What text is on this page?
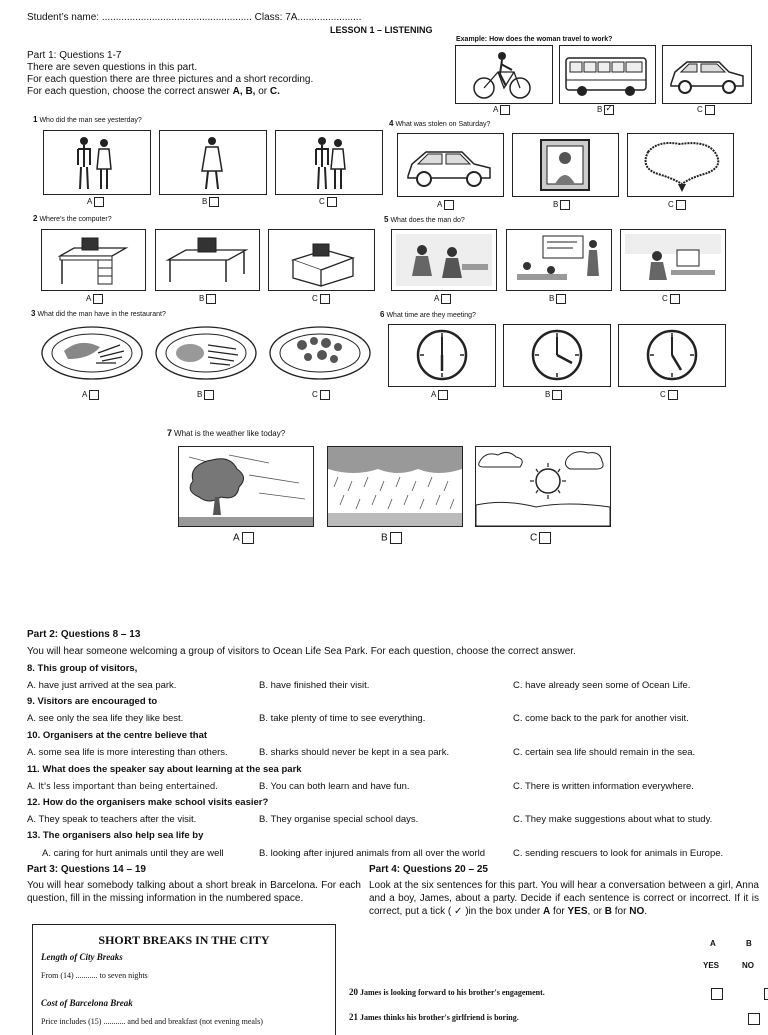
Student’s name: ...................................................... Class: 7A.......................
LESSON 1 – LISTENING
Part 1: Questions 1-7
There are seven questions in this part.
For each question there are three pictures and a short recording.
For each question, choose the correct answer A, B, or C.
Example: How does the woman travel to work?
A	B✓	C
1 Who did the man see yesterday?
A	B	C
4 What was stolen on Saturday?
A	B	C
2 Where's the computer?
A	B	C
5 What does the man do?
A	B	C
3 What did the man have in the restaurant?
A	B	C
6 What time are they meeting?
A	B	C
7 What is the weather like today?
A	B	C
Part 2: Questions 8 – 13
You will hear someone welcoming a group of visitors to Ocean Life Sea Park. For each question, choose the correct answer.
8. This group of visitors,
A. have just arrived at the sea park.	B. have finished their visit.	C. have already seen some of Ocean Life.
9. Visitors are encouraged to
A. see only the sea life they like best.	B. take plenty of time to see everything.	C. come back to the park for another visit.
10. Organisers at the centre believe that
A. some sea life is more interesting than others.	B. sharks should never be kept in a sea park.	C. certain sea life should remain in the sea.
11. What does the speaker say about learning at the sea park
A. It's less important than being entertained.	B. You can both learn and have fun.	C. There is written information everywhere.
12. How do the organisers make school visits easier?
A. They speak to teachers after the visit.	B. They organise special school days.	C. They make suggestions about what to study.
13. The organisers also help sea life by
A. caring for hurt animals until they are well	B. looking after injured animals from all over the world	C. sending rescuers to look for animals in Europe.
Part 3: Questions 14 – 19
You will hear somebody talking about a short break in Barcelona. For each question, fill in the missing information in the numbered space.
SHORT BREAKS IN THE CITY
Length of City Breaks
From (14) ........... to seven nights
Cost of Barcelona Break
Price includes (15) ........... and bed and breakfast (not evening meals)
Part 4: Questions 20 – 25
Look at the six sentences for this part. You will hear a conversation between a girl, Anna and a boy, James, about a party. Decide if each sentence is correct or incorrect. If it is correct, put a tick ( ✓ )in the box under A for YES, or B for NO.
A	B
YES	NO
20 James is looking forward to his brother's engagement.

21 James thinks his brother's girlfriend is boring.
